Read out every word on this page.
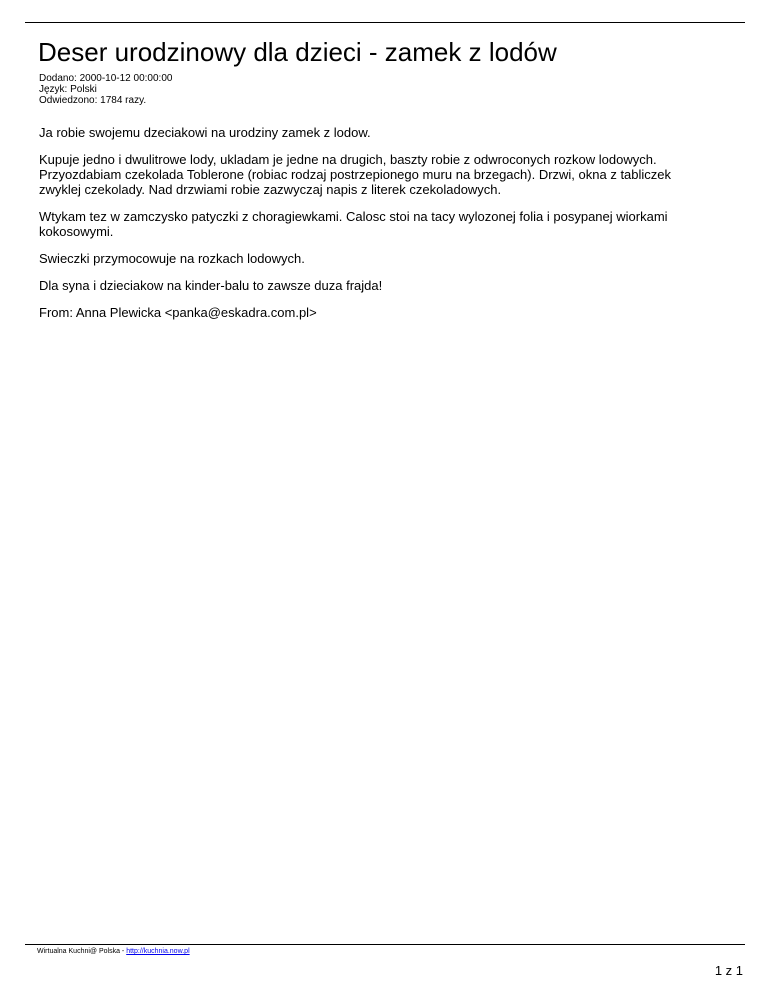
Deser urodzinowy dla dzieci - zamek z lodów
Dodano: 2000-10-12 00:00:00
Język: Polski
Odwiedzono: 1784 razy.

Ja robie swojemu dzeciakowi na urodziny zamek z lodow.

Kupuje jedno i dwulitrowe lody, ukladam je jedne na drugich, baszty robie z odwroconych rozkow lodowych. Przyozdabiam czekolada Toblerone (robiac rodzaj postrzepionego muru na brzegach). Drzwi, okna z tabliczek zwyklej czekolady. Nad drzwiami robie zazwyczaj napis z literek czekoladowych.

Wtykam tez w zamczysko patyczki z choragiewkami. Calosc stoi na tacy wylozonej folia i posypanej wiorkami kokosowymi.

Swieczki przymocowuje na rozkach lodowych.

Dla syna i dzieciakow na kinder-balu to zawsze duza frajda!

From: Anna Plewicka <panka@eskadra.com.pl>

Wirtualna Kuchni@ Polska - http://kuchnia.now.pl
1 z 1
